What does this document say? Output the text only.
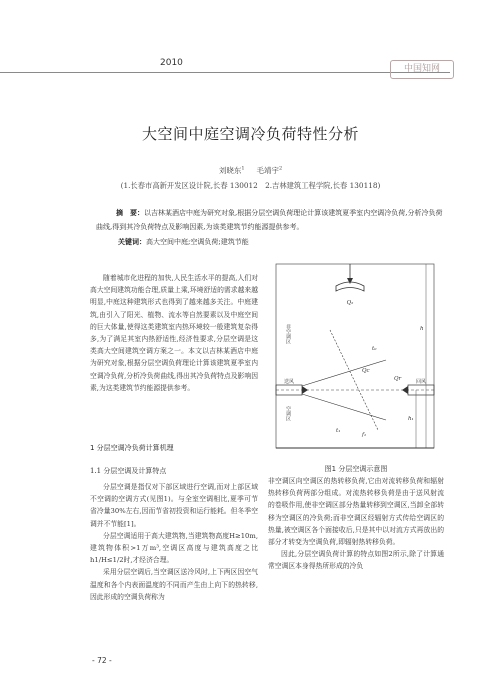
2010
中国知网
大空间中庭空调冷负荷特性分析
刘晓东$^1$ 毛靖宇$^2$
(1.长春市高新开发区设计院,长春 130012　2.吉林建筑工程学院,长春 130118)
摘　要：以吉林某酒店中庭为研究对象,根据分层空调负荷理论计算该建筑夏季室内空调冷负荷,分析冷负荷曲线,得到其冷负荷特点及影响因素,为该类建筑节约能源提供参考。
关键词：高大空间中庭;空调负荷;建筑节能
随着城市化进程的加快,人民生活水平的提高,人们对高大空间建筑功能合理,质量上乘,环境舒适的需求越来越明显,中庭这种建筑形式也得到了越来越多关注。中庭建筑,由引入了阳光、植物、流水等自然要素以及中庭空间的巨大体量,使得这类建筑室内热环境较一般建筑复杂得多,为了满足其室内热舒适性,经济性要求,分层空调是这类高大空间建筑空调方案之一。本文以吉林某酒店中庭为研究对象,根据分层空调负荷理论计算该建筑夏季室内空调冷负荷,分析冷负荷曲线,得出其冷负荷特点及影响因素,为这类建筑节约能源提供参考。
1 分层空调冷负荷计算机理
1.1 分层空调及计算特点
分层空调是指仅对下部区域进行空调,而对上部区域不空调的空调方式(见图1)。与全室空调相比,夏季可节省冷量30%左右,因而节省初投资和运行能耗。但冬季空调并不节能[1]。
分层空调适用于高大建筑物,当建筑物高度H≥10m,建筑物体积>1万m³,空调区高度与建筑高度之比h1/H≤1/2时,才经济合理。
采用分层空调后,当空调区送冷风时,上下两区因空气温度和各个内表面温度的不同而产生由上向下的热转移,因此形成的空调负荷称为
Q₂
非空调区
空调区
送风	回风
h
h₁
t₀
Qr
Qc
t₁
f₁
图1 分层空调示意图
非空调区向空调区的热转移负荷,它由对流转移负荷和辐射热转移负荷两部分组成。对流热转移负荷是由于送风射流的卷吸作用,使非空调区部分热量转移到空调区,当卸全部转移为空调区的冷负荷;而非空调区经辐射方式传给空调区的热量,被空调区各个面接收后,只是其中以对流方式再放出的部分才转变为空调负荷,即辐射热转移负荷。
因此,分层空调负荷计算的特点如图2所示,除了计算通常空调区本身得热所形成的冷负
- 72 -
